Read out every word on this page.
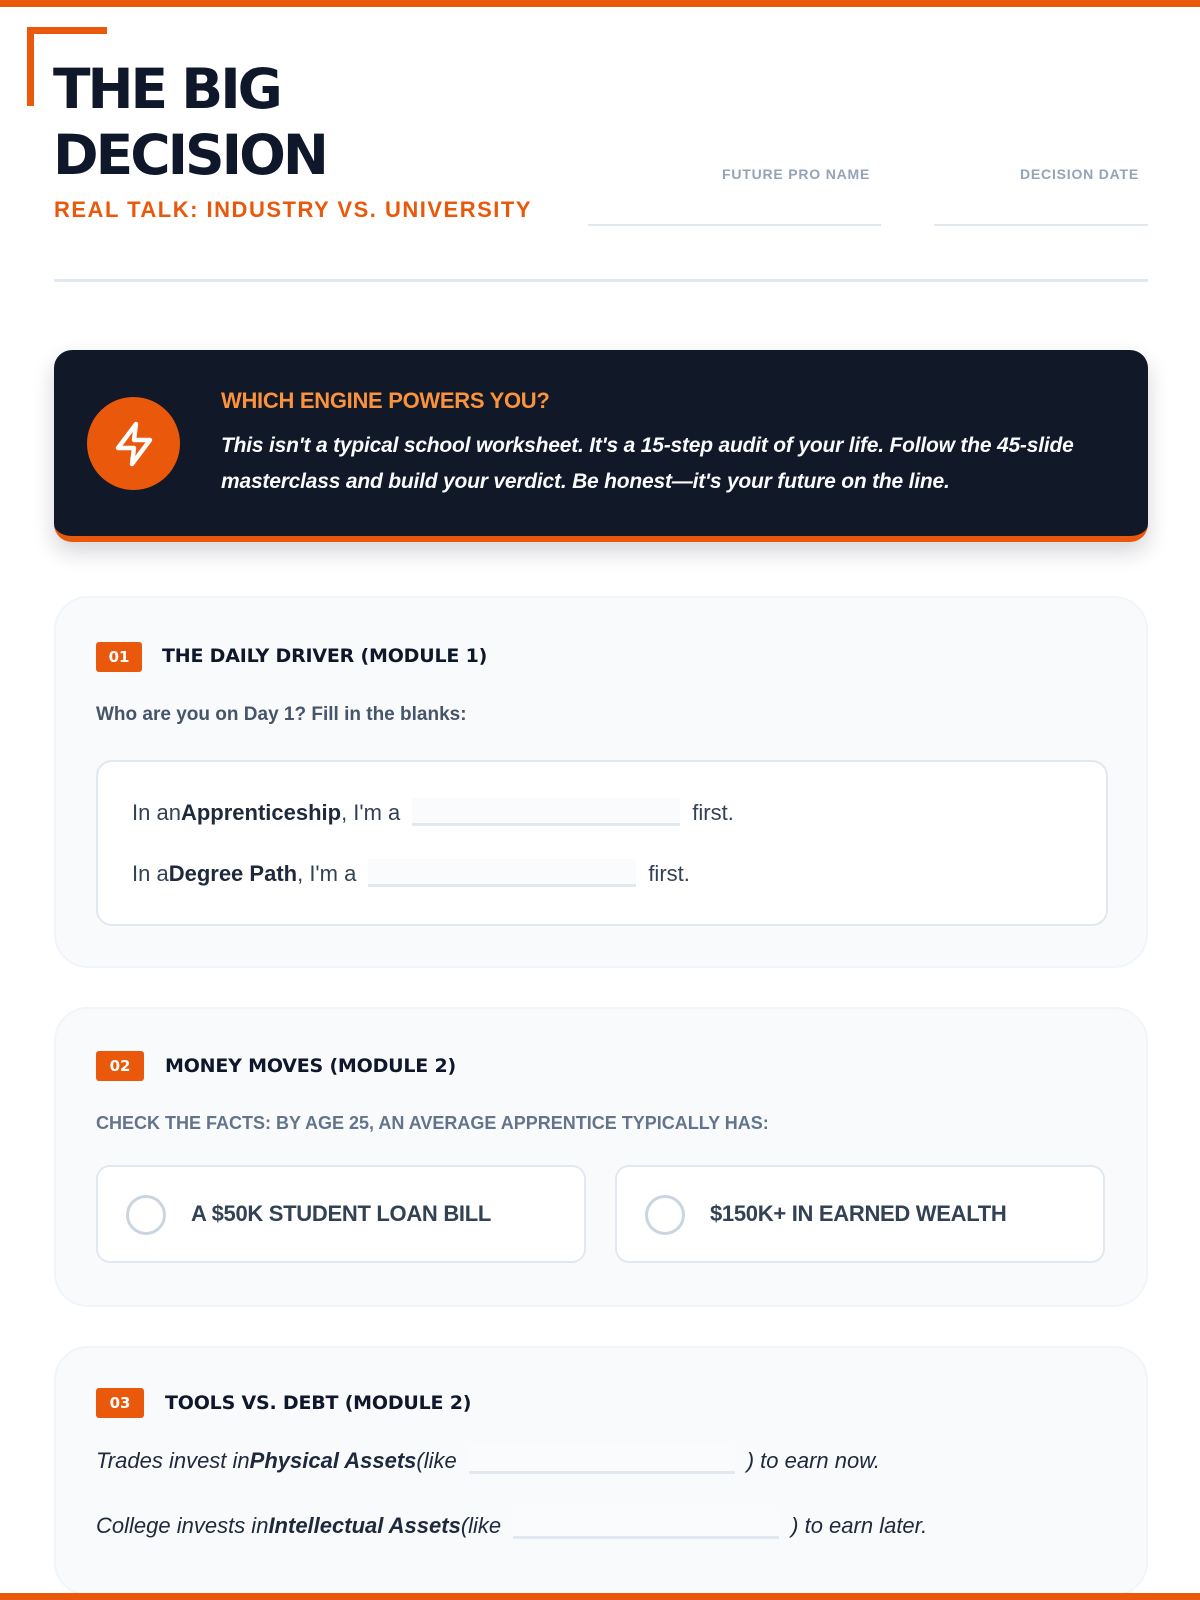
THE BIG
DECISION
REAL TALK: INDUSTRY VS. UNIVERSITY
FUTURE PRO NAME	DECISION DATE
WHICH ENGINE POWERS YOU?
This isn't a typical school worksheet. It's a 15-step audit of your life. Follow the 45-slide masterclass and build your verdict. Be honest—it's your future on the line.
01	THE DAILY DRIVER (MODULE 1)
Who are you on Day 1? Fill in the blanks:
In an Apprenticeship , I'm a	first.
In a Degree Path , I'm a	first.
02	MONEY MOVES (MODULE 2)
CHECK THE FACTS: BY AGE 25, AN AVERAGE APPRENTICE TYPICALLY HAS:
A $50K STUDENT LOAN BILL	$150K+ IN EARNED WEALTH
03	TOOLS VS. DEBT (MODULE 2)
Trades invest in Physical Assets (like	) to earn now.
College invests in Intellectual Assets (like	) to earn later.
